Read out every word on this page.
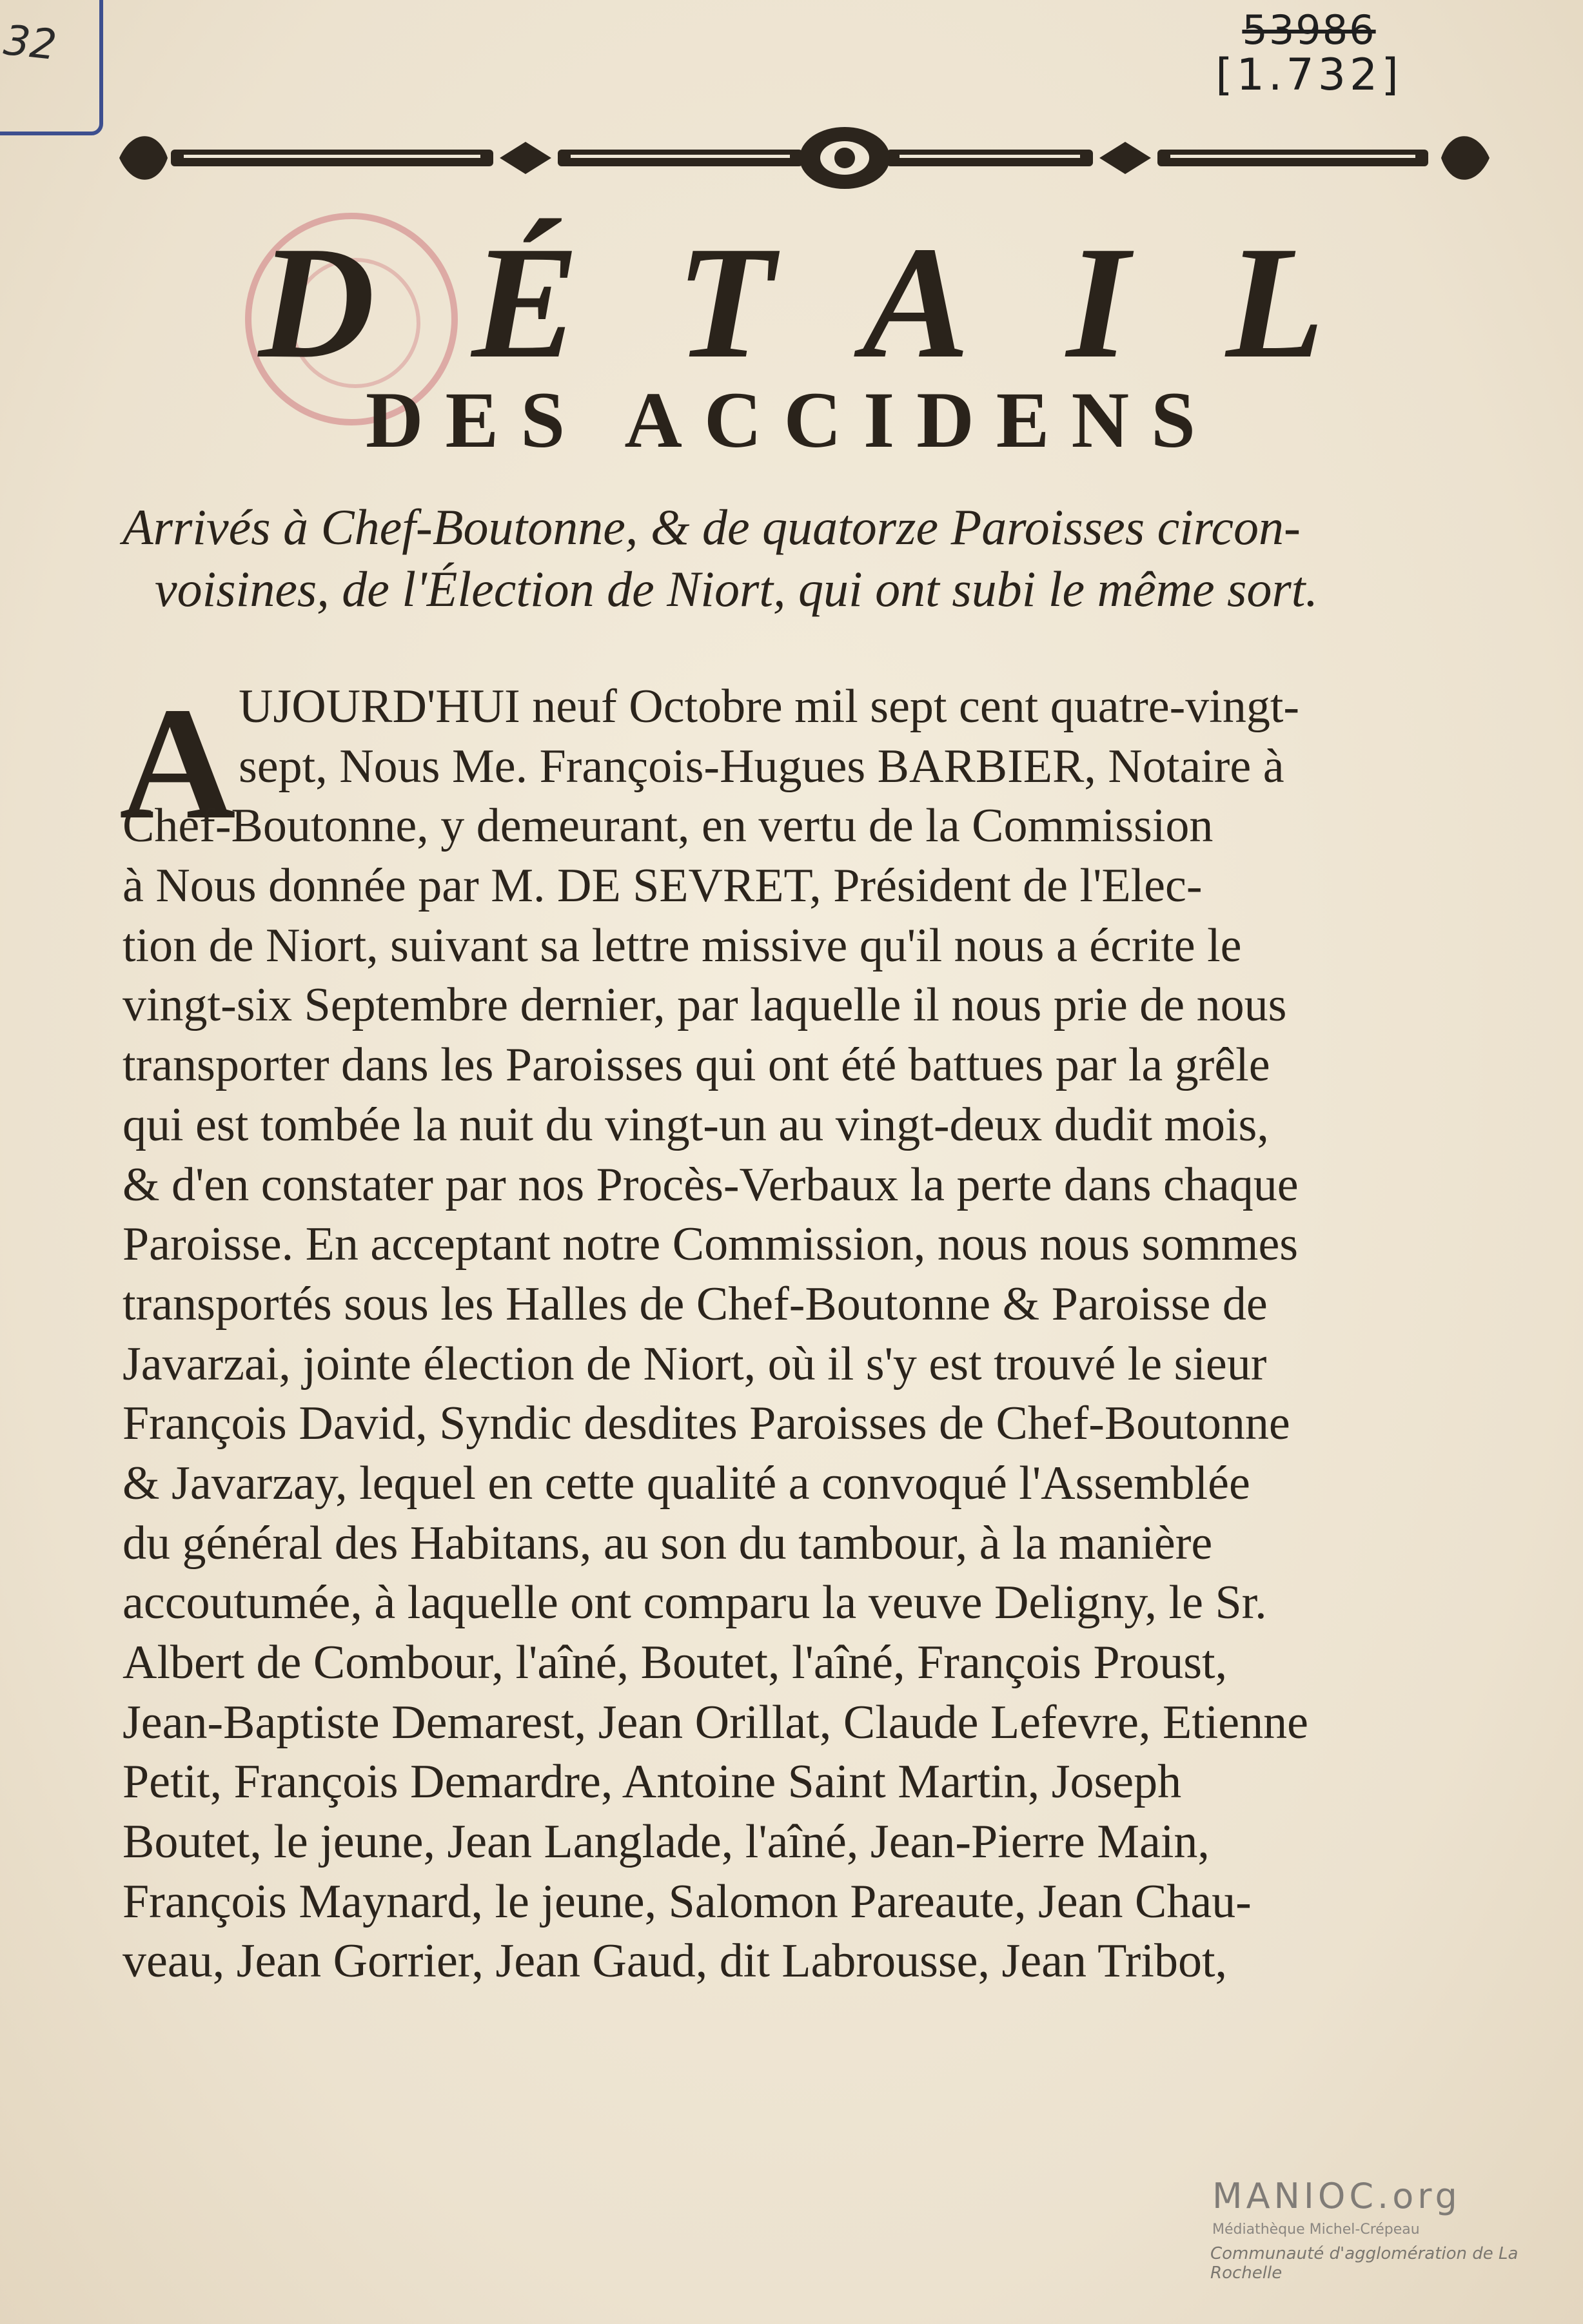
32	53986
[1.732]
DÉTAIL
DES ACCIDENS
Arrivés à Chef-Boutonne, & de quatorze Paroisses circon-
voisines, de l'Élection de Niort, qui ont subi le même sort.
A UJOURD'HUI neuf Octobre mil sept cent quatre-vingt-
sept, Nous Me. François-Hugues BARBIER, Notaire à
Chef-Boutonne, y demeurant, en vertu de la Commission
à Nous donnée par M. DE SEVRET, Président de l'Elec-
tion de Niort, suivant sa lettre missive qu'il nous a écrite le
vingt-six Septembre dernier, par laquelle il nous prie de nous
transporter dans les Paroisses qui ont été battues par la grêle
qui est tombée la nuit du vingt-un au vingt-deux dudit mois,
& d'en constater par nos Procès-Verbaux la perte dans chaque
Paroisse. En acceptant notre Commission, nous nous sommes
transportés sous les Halles de Chef-Boutonne & Paroisse de
Javarzai, jointe élection de Niort, où il s'y est trouvé le sieur
François David, Syndic desdites Paroisses de Chef-Boutonne
& Javarzay, lequel en cette qualité a convoqué l'Assemblée
du général des Habitans, au son du tambour, à la manière
accoutumée, à laquelle ont comparu la veuve Deligny, le Sr.
Albert de Combour, l'aîné, Boutet, l'aîné, François Proust,
Jean-Baptiste Demarest, Jean Orillat, Claude Lefevre, Etienne
Petit, François Demardre, Antoine Saint Martin, Joseph
Boutet, le jeune, Jean Langlade, l'aîné, Jean-Pierre Main,
François Maynard, le jeune, Salomon Pareaute, Jean Chau-
veau, Jean Gorrier, Jean Gaud, dit Labrousse, Jean Tribot,
MANIOC.org
Médiathèque Michel-Crépeau
Communauté d'agglomération de La Rochelle
